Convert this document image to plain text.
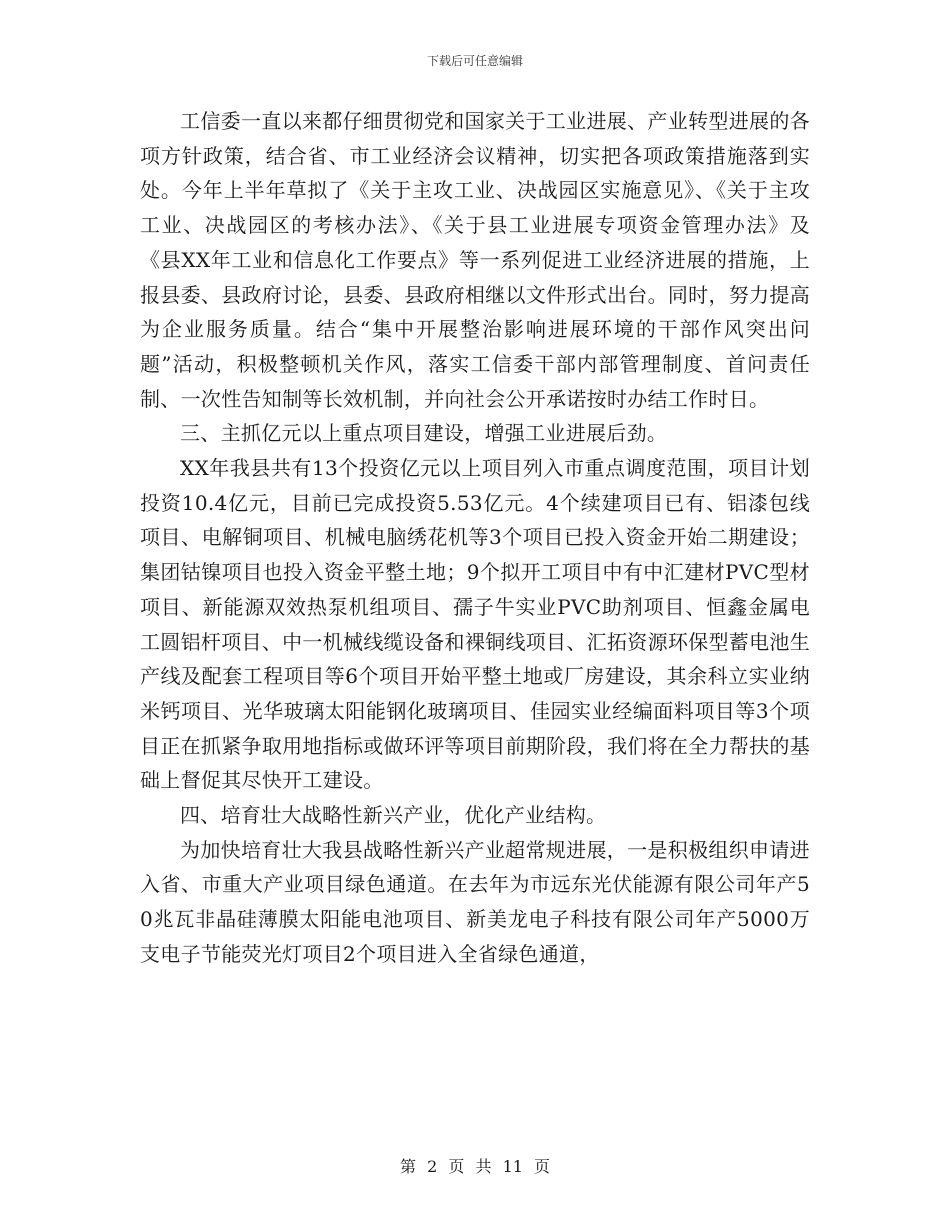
下载后可任意编辑

工信委一直以来都仔细贯彻党和国家关于工业进展、产业转型进展的各项方针政策，结合省、市工业经济会议精神，切实把各项政策措施落到实处。今年上半年草拟了《关于主攻工业、决战园区实施意见》、《关于主攻工业、决战园区的考核办法》、《关于县工业进展专项资金管理办法》及《县XX年工业和信息化工作要点》等一系列促进工业经济进展的措施，上报县委、县政府讨论，县委、县政府相继以文件形式出台。同时，努力提高为企业服务质量。结合“集中开展整治影响进展环境的干部作风突出问题”活动，积极整顿机关作风，落实工信委干部内部管理制度、首问责任制、一次性告知制等长效机制，并向社会公开承诺按时办结工作时日。

三、主抓亿元以上重点项目建设，增强工业进展后劲。

XX年我县共有13个投资亿元以上项目列入市重点调度范围，项目计划投资10.4亿元，目前已完成投资5.53亿元。4个续建项目已有、铝漆包线项目、电解铜项目、机械电脑绣花机等3个项目已投入资金开始二期建设；集团钴镍项目也投入资金平整土地；9个拟开工项目中有中汇建材PVC型材项目、新能源双效热泵机组项目、孺子牛实业PVC助剂项目、恒鑫金属电工圆铝杆项目、中一机械线缆设备和裸铜线项目、汇拓资源环保型蓄电池生产线及配套工程项目等6个项目开始平整土地或厂房建设，其余科立实业纳米钙项目、光华玻璃太阳能钢化玻璃项目、佳园实业经编面料项目等3个项目正在抓紧争取用地指标或做环评等项目前期阶段，我们将在全力帮扶的基础上督促其尽快开工建设。

四、培育壮大战略性新兴产业，优化产业结构。

为加快培育壮大我县战略性新兴产业超常规进展，一是积极组织申请进入省、市重大产业项目绿色通道。在去年为市远东光伏能源有限公司年产50兆瓦非晶硅薄膜太阳能电池项目、新美龙电子科技有限公司年产5000万支电子节能荧光灯项目2个项目进入全省绿色通道，

第 2 页 共 11 页
